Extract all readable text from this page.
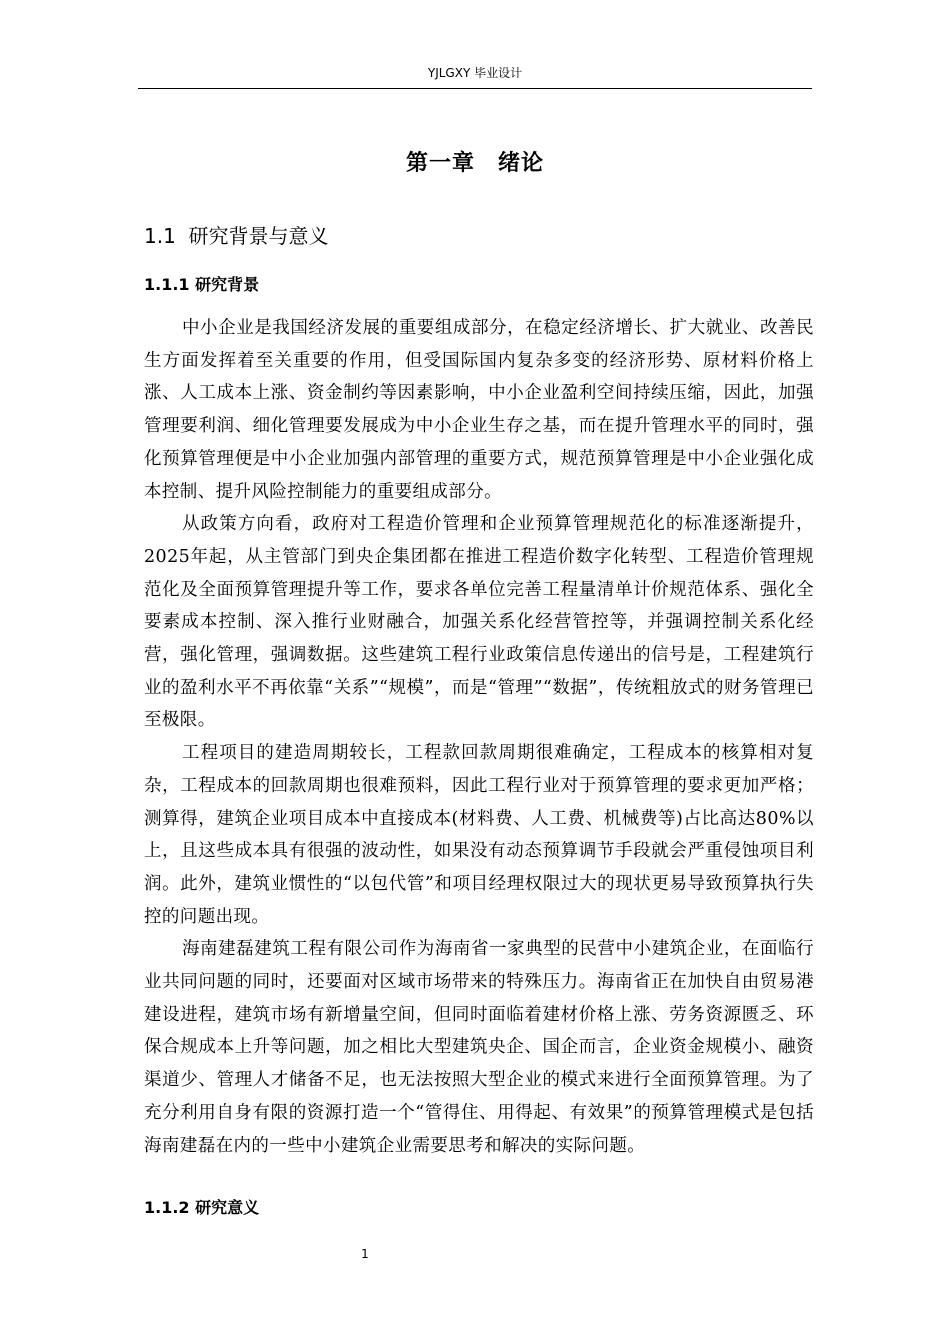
YJLGXY 毕业设计
第一章　绪论
1.1  研究背景与意义
1.1.1 研究背景

中小企业是我国经济发展的重要组成部分，在稳定经济增长、扩大就业、改善民生方面发挥着至关重要的作用，但受国际国内复杂多变的经济形势、原材料价格上涨、人工成本上涨、资金制约等因素影响，中小企业盈利空间持续压缩，因此，加强管理要利润、细化管理要发展成为中小企业生存之基，而在提升管理水平的同时，强化预算管理便是中小企业加强内部管理的重要方式，规范预算管理是中小企业强化成本控制、提升风险控制能力的重要组成部分。

从政策方向看，政府对工程造价管理和企业预算管理规范化的标准逐渐提升，2025年起，从主管部门到央企集团都在推进工程造价数字化转型、工程造价管理规范化及全面预算管理提升等工作，要求各单位完善工程量清单计价规范体系、强化全要素成本控制、深入推行业财融合，加强关系化经营管控等，并强调控制关系化经营，强化管理，强调数据。这些建筑工程行业政策信息传递出的信号是，工程建筑行业的盈利水平不再依靠“关系”“规模”，而是“管理”“数据”，传统粗放式的财务管理已至极限。

工程项目的建造周期较长，工程款回款周期很难确定，工程成本的核算相对复杂，工程成本的回款周期也很难预料，因此工程行业对于预算管理的要求更加严格；测算得，建筑企业项目成本中直接成本(材料费、人工费、机械费等)占比高达80%以上，且这些成本具有很强的波动性，如果没有动态预算调节手段就会严重侵蚀项目利润。此外，建筑业惯性的“以包代管”和项目经理权限过大的现状更易导致预算执行失控的问题出现。

海南建磊建筑工程有限公司作为海南省一家典型的民营中小建筑企业，在面临行业共同问题的同时，还要面对区域市场带来的特殊压力。海南省正在加快自由贸易港建设进程，建筑市场有新增量空间，但同时面临着建材价格上涨、劳务资源匮乏、环保合规成本上升等问题，加之相比大型建筑央企、国企而言，企业资金规模小、融资渠道少、管理人才储备不足，也无法按照大型企业的模式来进行全面预算管理。为了充分利用自身有限的资源打造一个“管得住、用得起、有效果”的预算管理模式是包括海南建磊在内的一些中小建筑企业需要思考和解决的实际问题。

1.1.2 研究意义
1
